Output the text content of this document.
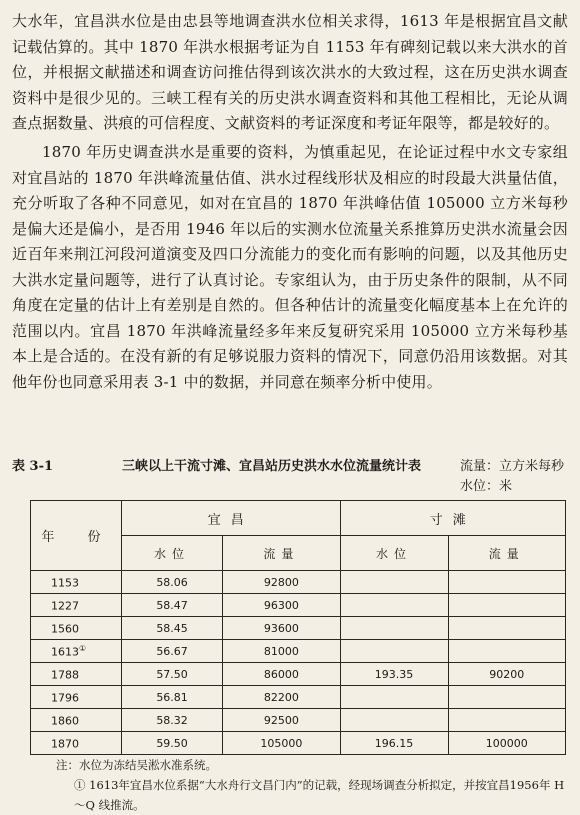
大水年，宜昌洪水位是由忠县等地调查洪水位相关求得，1613 年是根据宜昌文献记载估算的。其中 1870 年洪水根据考证为自 1153 年有碑刻记载以来大洪水的首位，并根据文献描述和调查访问推估得到该次洪水的大致过程，这在历史洪水调查资料中是很少见的。三峡工程有关的历史洪水调查资料和其他工程相比，无论从调查点据数量、洪痕的可信程度、文献资料的考证深度和考证年限等，都是较好的。
1870 年历史调查洪水是重要的资料，为慎重起见，在论证过程中水文专家组对宜昌站的 1870 年洪峰流量估值、洪水过程线形状及相应的时段最大洪量估值，充分听取了各种不同意见，如对在宜昌的 1870 年洪峰估值 105000 立方米每秒是偏大还是偏小，是否用 1946 年以后的实测水位流量关系推算历史洪水流量会因近百年来荆江河段河道演变及四口分流能力的变化而有影响的问题，以及其他历史大洪水定量问题等，进行了认真讨论。专家组认为，由于历史条件的限制，从不同角度在定量的估计上有差别是自然的。但各种估计的流量变化幅度基本上在允许的范围以内。宜昌 1870 年洪峰流量经多年来反复研究采用 105000 立方米每秒基本上是合适的。在没有新的有足够说服力资料的情况下，同意仍沿用该数据。对其他年份也同意采用表 3-1 中的数据，并同意在频率分析中使用。
表 3-1	三峡以上干流寸滩、宜昌站历史洪水水位流量统计表	流量：立方米每秒
水位：米
年　份	宜昌		寸滩	
	水位	流量	水位	流量
1153	58.06	92800		
1227	58.47	96300		
1560	58.45	93600		
1613①	56.67	81000		
1788	57.50	86000	193.35	90200
1796	56.81	82200		
1860	58.32	92500		
1870	59.50	105000	196.15	100000
注：水位为冻结吴淞水准系统。
① 1613年宜昌水位系据“大水舟行文昌门内”的记载，经现场调查分析拟定，并按宜昌1956年 H～Q 线推流。
